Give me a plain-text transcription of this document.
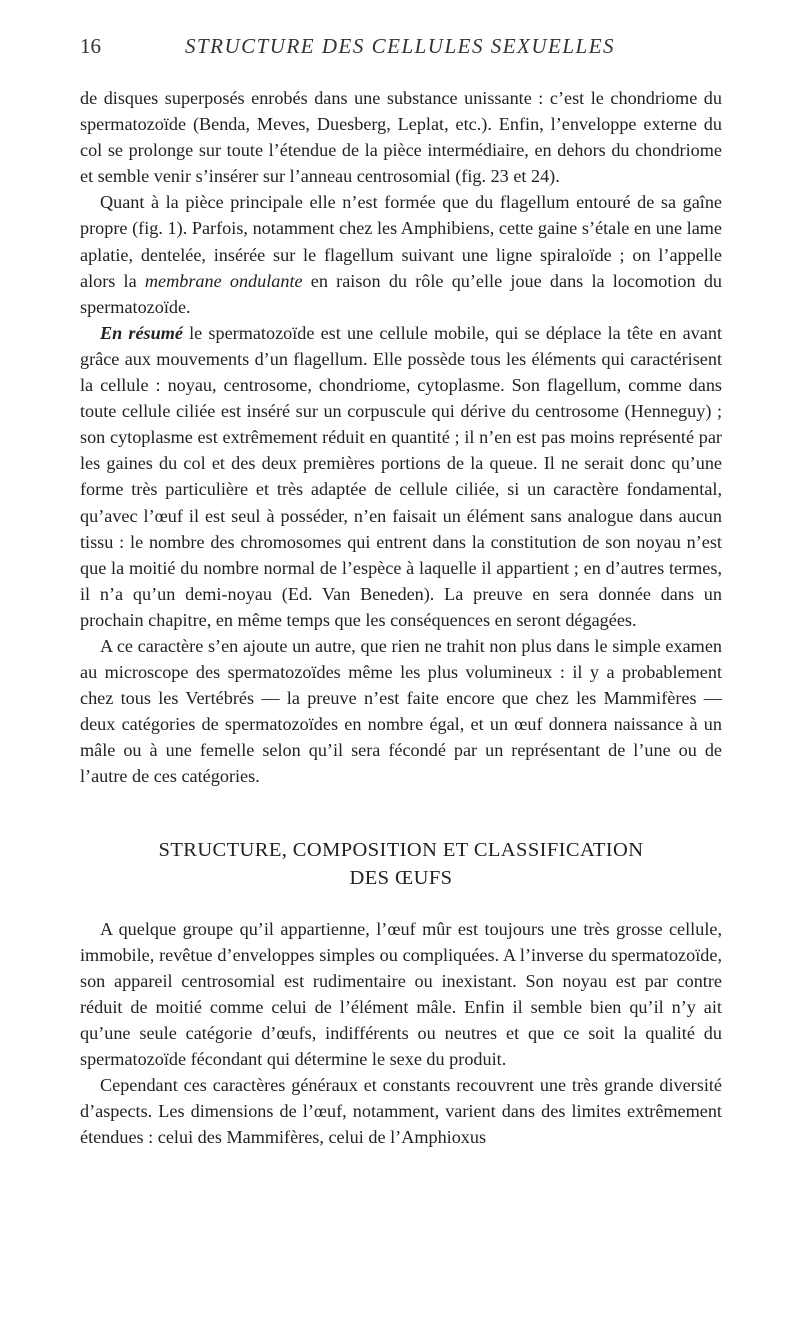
16	STRUCTURE DES CELLULES SEXUELLES

de disques superposés enrobés dans une substance unissante : c’est le chondriome du spermatozoïde (Benda, Meves, Duesberg, Leplat, etc.). Enfin, l’enveloppe externe du col se prolonge sur toute l’étendue de la pièce intermédiaire, en dehors du chondriome et semble venir s’insérer sur l’anneau centrosomial (fig. 23 et 24).

Quant à la pièce principale elle n’est formée que du flagellum entouré de sa gaîne propre (fig. 1). Parfois, notamment chez les Amphibiens, cette gaine s’étale en une lame aplatie, dentelée, insérée sur le flagellum suivant une ligne spiraloïde ; on l’appelle alors la membrane ondulante en raison du rôle qu’elle joue dans la locomotion du spermatozoïde.

En résumé le spermatozoïde est une cellule mobile, qui se déplace la tête en avant grâce aux mouvements d’un flagellum. Elle possède tous les éléments qui caractérisent la cellule : noyau, centrosome, chondriome, cytoplasme. Son flagellum, comme dans toute cellule ciliée est inséré sur un corpuscule qui dérive du centrosome (Henneguy) ; son cytoplasme est extrêmement réduit en quantité ; il n’en est pas moins représenté par les gaines du col et des deux premières portions de la queue. Il ne serait donc qu’une forme très particulière et très adaptée de cellule ciliée, si un caractère fondamental, qu’avec l’œuf il est seul à posséder, n’en faisait un élément sans analogue dans aucun tissu : le nombre des chromosomes qui entrent dans la constitution de son noyau n’est que la moitié du nombre normal de l’espèce à laquelle il appartient ; en d’autres termes, il n’a qu’un demi-noyau (Ed. Van Beneden). La preuve en sera donnée dans un prochain chapitre, en même temps que les conséquences en seront dégagées.

A ce caractère s’en ajoute un autre, que rien ne trahit non plus dans le simple examen au microscope des spermatozoïdes même les plus volumineux : il y a probablement chez tous les Vertébrés — la preuve n’est faite encore que chez les Mammifères — deux catégories de spermatozoïdes en nombre égal, et un œuf donnera naissance à un mâle ou à une femelle selon qu’il sera fécondé par un représentant de l’une ou de l’autre de ces catégories.

STRUCTURE, COMPOSITION ET CLASSIFICATION
DES ŒUFS

A quelque groupe qu’il appartienne, l’œuf mûr est toujours une très grosse cellule, immobile, revêtue d’enveloppes simples ou compliquées. A l’inverse du spermatozoïde, son appareil centrosomial est rudimentaire ou inexistant. Son noyau est par contre réduit de moitié comme celui de l’élément mâle. Enfin il semble bien qu’il n’y ait qu’une seule catégorie d’œufs, indifférents ou neutres et que ce soit la qualité du spermatozoïde fécondant qui détermine le sexe du produit.

Cependant ces caractères généraux et constants recouvrent une très grande diversité d’aspects. Les dimensions de l’œuf, notamment, varient dans des limites extrêmement étendues : celui des Mammifères, celui de l’Amphioxus
